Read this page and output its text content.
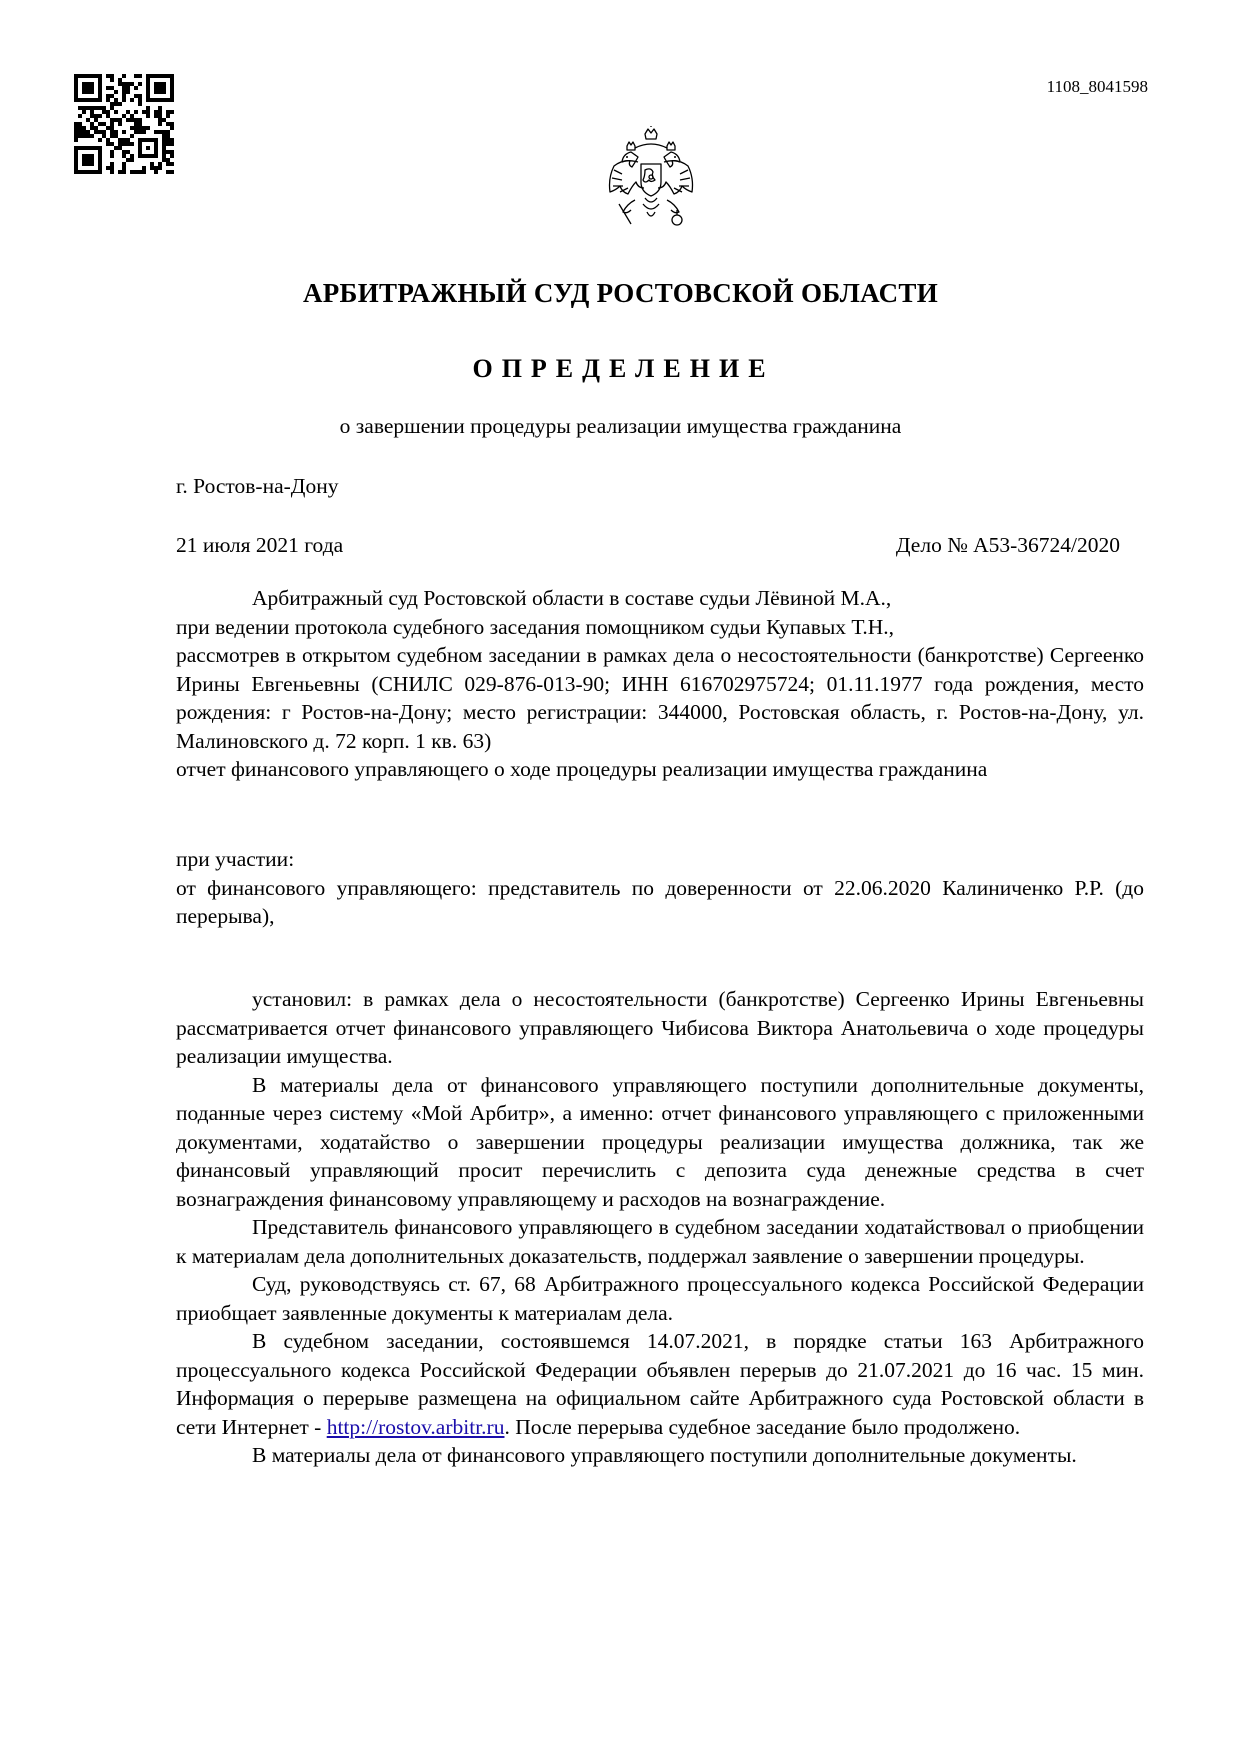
1108_8041598
АРБИТРАЖНЫЙ СУД РОСТОВСКОЙ ОБЛАСТИ
ОПРЕДЕЛЕНИЕ
о завершении процедуры реализации имущества гражданина
г. Ростов-на-Дону
21 июля 2021 года	Дело № А53-36724/2020

Арбитражный суд Ростовской области в составе судьи Лёвиной М.А.,

при ведении протокола судебного заседания помощником судьи Купавых Т.Н.,

рассмотрев в открытом судебном заседании в рамках дела о несостоятельности (банкротстве) Сергеенко Ирины Евгеньевны (СНИЛС 029-876-013-90; ИНН 616702975724; 01.11.1977 года рождения, место рождения: г Ростов-на-Дону; место регистрации: 344000, Ростовская область, г. Ростов-на-Дону, ул. Малиновского д. 72 корп. 1 кв. 63)

отчет финансового управляющего о ходе процедуры реализации имущества гражданина

при участии:

от финансового управляющего: представитель по доверенности от 22.06.2020 Калиниченко Р.Р. (до перерыва),

установил: в рамках дела о несостоятельности (банкротстве) Сергеенко Ирины Евгеньевны рассматривается отчет финансового управляющего Чибисова Виктора Анатольевича о ходе процедуры реализации имущества.

В материалы дела от финансового управляющего поступили дополнительные документы, поданные через систему «Мой Арбитр», а именно: отчет финансового управляющего с приложенными документами, ходатайство о завершении процедуры реализации имущества должника, так же финансовый управляющий просит перечислить с депозита суда денежные средства в счет вознаграждения финансовому управляющему и расходов на вознаграждение.

Представитель финансового управляющего в судебном заседании ходатайствовал о приобщении к материалам дела дополнительных доказательств, поддержал заявление о завершении процедуры.

Суд, руководствуясь ст. 67, 68 Арбитражного процессуального кодекса Российской Федерации приобщает заявленные документы к материалам дела.

В судебном заседании, состоявшемся 14.07.2021, в порядке статьи 163 Арбитражного процессуального кодекса Российской Федерации объявлен перерыв до 21.07.2021 до 16 час. 15 мин. Информация о перерыве размещена на официальном сайте Арбитражного суда Ростовской области в сети Интернет - http://rostov.arbitr.ru. После перерыва судебное заседание было продолжено.

В материалы дела от финансового управляющего поступили дополнительные документы.
